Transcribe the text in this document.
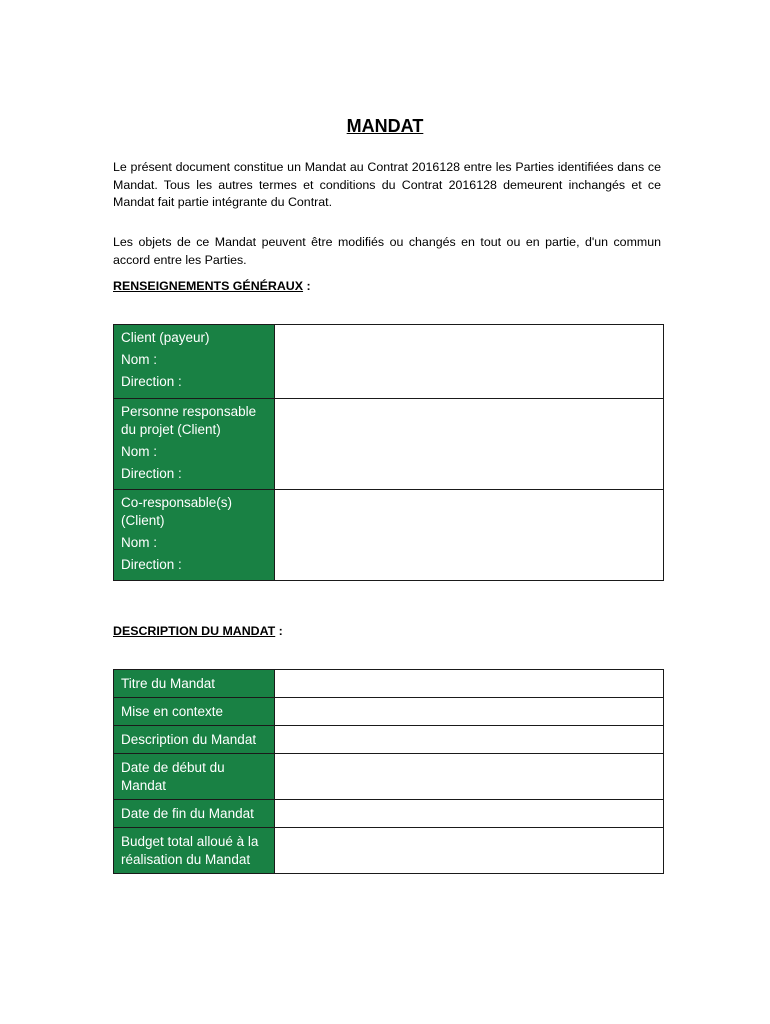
MANDAT
Le présent document constitue un Mandat au Contrat 2016128 entre les Parties identifiées dans ce Mandat. Tous les autres termes et conditions du Contrat 2016128 demeurent inchangés et ce Mandat fait partie intégrante du Contrat.
Les objets de ce Mandat peuvent être modifiés ou changés en tout ou en partie, d'un commun accord entre les Parties.
RENSEIGNEMENTS GÉNÉRAUX :
Client (payeur)
Nom :
Direction :	

Personne responsable du projet (Client)
Nom :
Direction :	

Co-responsable(s) (Client)
Nom :
Direction :	

DESCRIPTION DU MANDAT :
Titre du Mandat	

Mise en contexte	

Description du Mandat	

Date de début du Mandat	

Date de fin du Mandat	

Budget total alloué à la réalisation du Mandat	
